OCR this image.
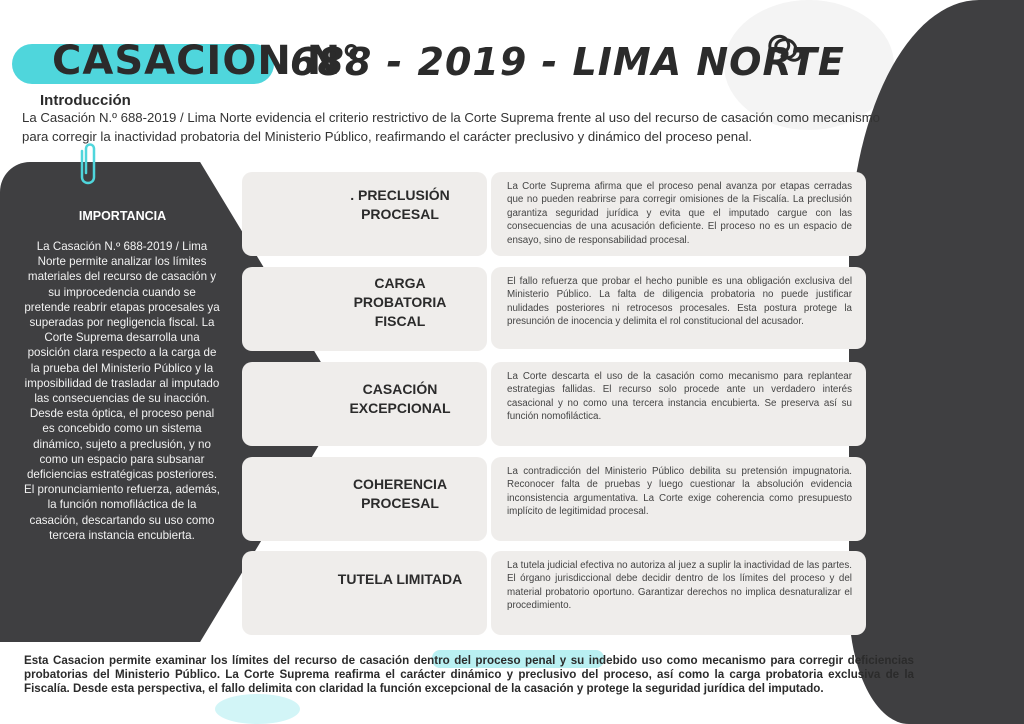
CASACION N°
688 - 2019 - LIMA NORTE
Introducción
La Casación N.º 688-2019 / Lima Norte evidencia el criterio restrictivo de la Corte Suprema frente al uso del recurso de casación como mecanismo para corregir la inactividad probatoria del Ministerio Público, reafirmando el carácter preclusivo y dinámico del proceso penal.
IMPORTANCIA
La Casación N.º 688-2019 / Lima Norte permite analizar los límites materiales del recurso de casación y su improcedencia cuando se pretende reabrir etapas procesales ya superadas por negligencia fiscal. La Corte Suprema desarrolla una posición clara respecto a la carga de la prueba del Ministerio Público y la imposibilidad de trasladar al imputado las consecuencias de su inacción. Desde esta óptica, el proceso penal es concebido como un sistema dinámico, sujeto a preclusión, y no como un espacio para subsanar deficiencias estratégicas posteriores. El pronunciamiento refuerza, además, la función nomofiláctica de la casación, descartando su uso como tercera instancia encubierta.
. PRECLUSIÓN PROCESAL
La Corte Suprema afirma que el proceso penal avanza por etapas cerradas que no pueden reabrirse para corregir omisiones de la Fiscalía. La preclusión garantiza seguridad jurídica y evita que el imputado cargue con las consecuencias de una acusación deficiente. El proceso no es un espacio de ensayo, sino de responsabilidad procesal.
CARGA PROBATORIA FISCAL
El fallo refuerza que probar el hecho punible es una obligación exclusiva del Ministerio Público. La falta de diligencia probatoria no puede justificar nulidades posteriores ni retrocesos procesales. Esta postura protege la presunción de inocencia y delimita el rol constitucional del acusador.
CASACIÓN EXCEPCIONAL
La Corte descarta el uso de la casación como mecanismo para replantear estrategias fallidas. El recurso solo procede ante un verdadero interés casacional y no como una tercera instancia encubierta. Se preserva así su función nomofiláctica.
COHERENCIA PROCESAL
La contradicción del Ministerio Público debilita su pretensión impugnatoria. Reconocer falta de pruebas y luego cuestionar la absolución evidencia inconsistencia argumentativa. La Corte exige coherencia como presupuesto implícito de legitimidad procesal.
TUTELA LIMITADA
La tutela judicial efectiva no autoriza al juez a suplir la inactividad de las partes. El órgano jurisdiccional debe decidir dentro de los límites del proceso y del material probatorio oportuno. Garantizar derechos no implica desnaturalizar el procedimiento.
Esta Casacion permite examinar los límites del recurso de casación dentro del proceso penal y su indebido uso como mecanismo para corregir deficiencias probatorias del Ministerio Público. La Corte Suprema reafirma el carácter dinámico y preclusivo del proceso, así como la carga probatoria exclusiva de la Fiscalía. Desde esta perspectiva, el fallo delimita con claridad la función excepcional de la casación y protege la seguridad jurídica del imputado.
